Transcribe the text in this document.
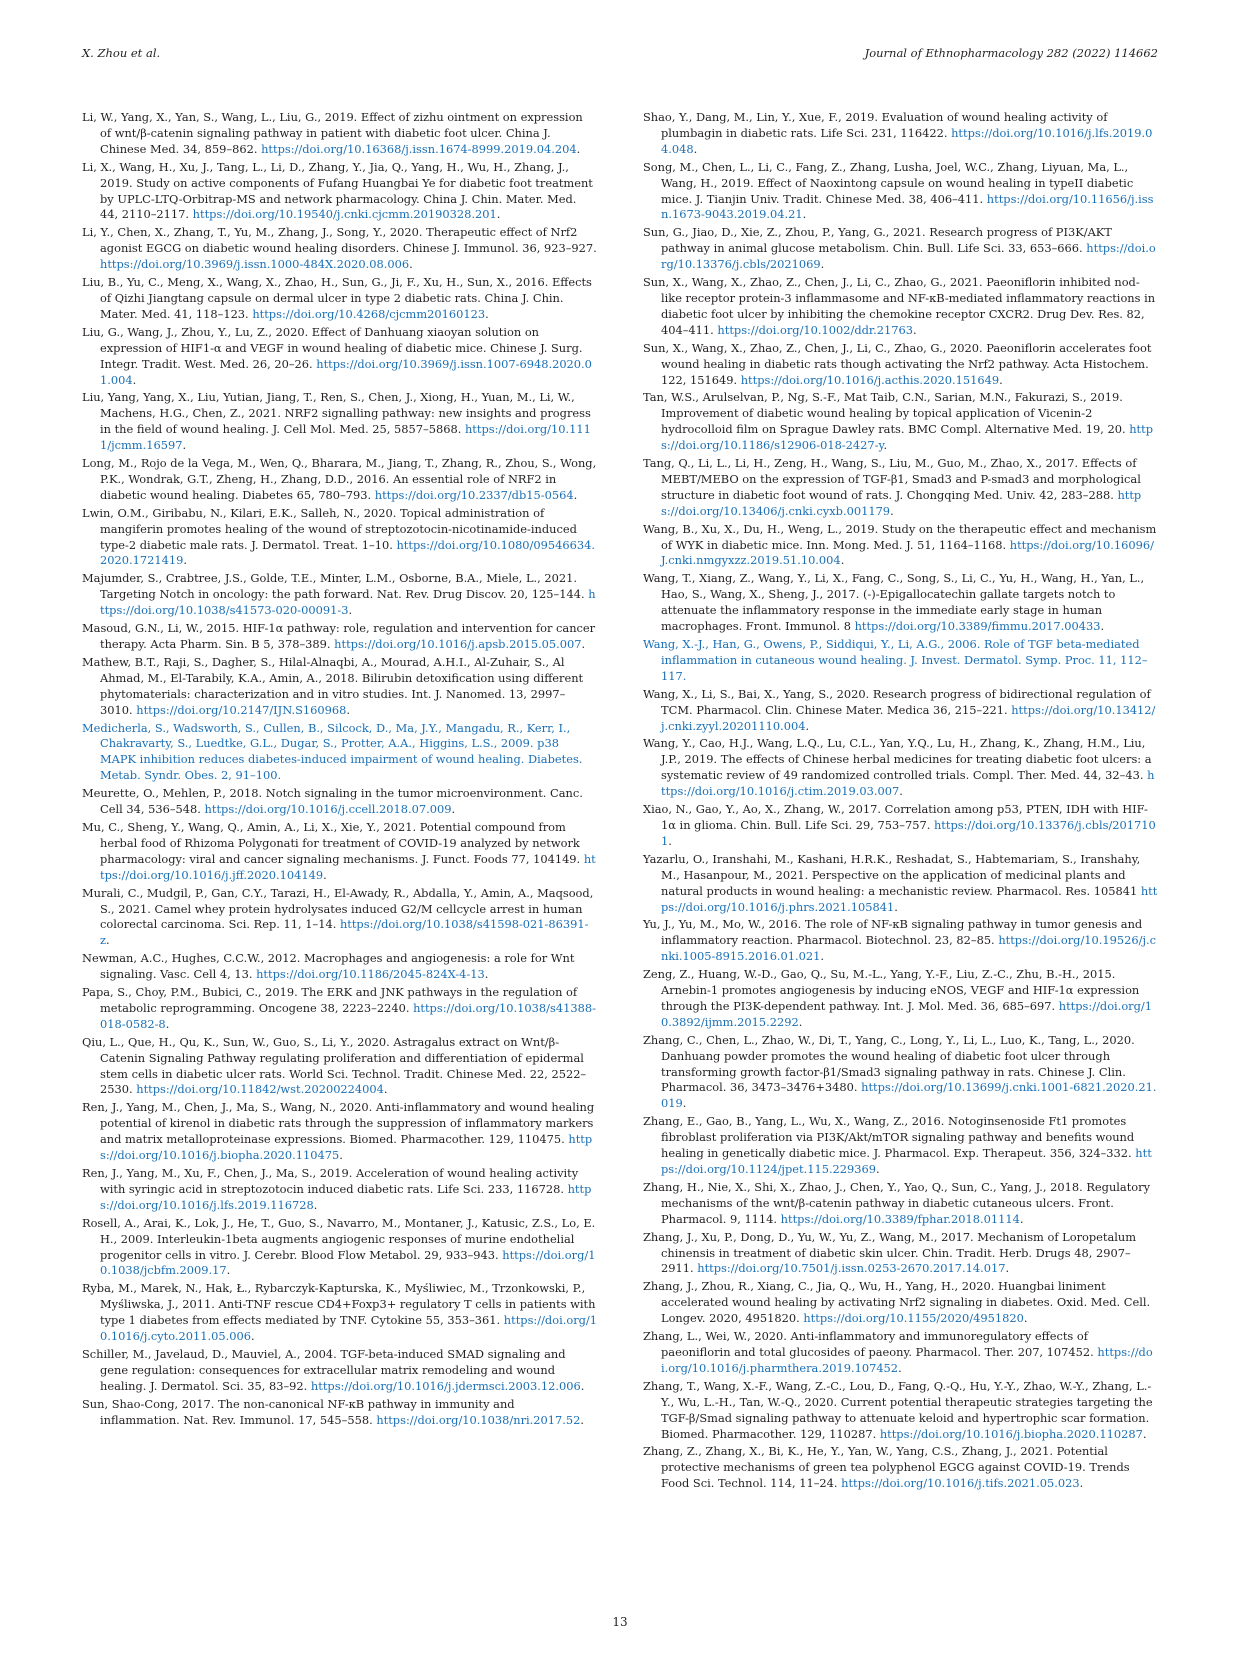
X. Zhou et al.	Journal of Ethnopharmacology 282 (2022) 114662

Li, W., Yang, X., Yan, S., Wang, L., Liu, G., 2019. Effect of zizhu ointment on expression of wnt/β-catenin signaling pathway in patient with diabetic foot ulcer. China J. Chinese Med. 34, 859–862. https://doi.org/10.16368/j.issn.1674-8999.2019.04.204.

Li, X., Wang, H., Xu, J., Tang, L., Li, D., Zhang, Y., Jia, Q., Yang, H., Wu, H., Zhang, J., 2019. Study on active components of Fufang Huangbai Ye for diabetic foot treatment by UPLC-LTQ-Orbitrap-MS and network pharmacology. China J. Chin. Mater. Med. 44, 2110–2117. https://doi.org/10.19540/j.cnki.cjcmm.20190328.201.

Li, Y., Chen, X., Zhang, T., Yu, M., Zhang, J., Song, Y., 2020. Therapeutic effect of Nrf2 agonist EGCG on diabetic wound healing disorders. Chinese J. Immunol. 36, 923–927. https://doi.org/10.3969/j.issn.1000-484X.2020.08.006.

Liu, B., Yu, C., Meng, X., Wang, X., Zhao, H., Sun, G., Ji, F., Xu, H., Sun, X., 2016. Effects of Qizhi Jiangtang capsule on dermal ulcer in type 2 diabetic rats. China J. Chin. Mater. Med. 41, 118–123. https://doi.org/10.4268/cjcmm20160123.

Liu, G., Wang, J., Zhou, Y., Lu, Z., 2020. Effect of Danhuang xiaoyan solution on expression of HIF1-α and VEGF in wound healing of diabetic mice. Chinese J. Surg. Integr. Tradit. West. Med. 26, 20–26. https://doi.org/10.3969/j.issn.1007-6948.2020.01.004.

Liu, Yang, Yang, X., Liu, Yutian, Jiang, T., Ren, S., Chen, J., Xiong, H., Yuan, M., Li, W., Machens, H.G., Chen, Z., 2021. NRF2 signalling pathway: new insights and progress in the field of wound healing. J. Cell Mol. Med. 25, 5857–5868. https://doi.org/10.1111/jcmm.16597.

Long, M., Rojo de la Vega, M., Wen, Q., Bharara, M., Jiang, T., Zhang, R., Zhou, S., Wong, P.K., Wondrak, G.T., Zheng, H., Zhang, D.D., 2016. An essential role of NRF2 in diabetic wound healing. Diabetes 65, 780–793. https://doi.org/10.2337/db15-0564.

Lwin, O.M., Giribabu, N., Kilari, E.K., Salleh, N., 2020. Topical administration of mangiferin promotes healing of the wound of streptozotocin-nicotinamide-induced type-2 diabetic male rats. J. Dermatol. Treat. 1–10. https://doi.org/10.1080/09546634.2020.1721419.

Majumder, S., Crabtree, J.S., Golde, T.E., Minter, L.M., Osborne, B.A., Miele, L., 2021. Targeting Notch in oncology: the path forward. Nat. Rev. Drug Discov. 20, 125–144. https://doi.org/10.1038/s41573-020-00091-3.

Masoud, G.N., Li, W., 2015. HIF-1α pathway: role, regulation and intervention for cancer therapy. Acta Pharm. Sin. B 5, 378–389. https://doi.org/10.1016/j.apsb.2015.05.007.

Mathew, B.T., Raji, S., Dagher, S., Hilal-Alnaqbi, A., Mourad, A.H.I., Al-Zuhair, S., Al Ahmad, M., El-Tarabily, K.A., Amin, A., 2018. Bilirubin detoxification using different phytomaterials: characterization and in vitro studies. Int. J. Nanomed. 13, 2997–3010. https://doi.org/10.2147/IJN.S160968.

Medicherla, S., Wadsworth, S., Cullen, B., Silcock, D., Ma, J.Y., Mangadu, R., Kerr, I., Chakravarty, S., Luedtke, G.L., Dugar, S., Protter, A.A., Higgins, L.S., 2009. p38 MAPK inhibition reduces diabetes-induced impairment of wound healing. Diabetes. Metab. Syndr. Obes. 2, 91–100.

Meurette, O., Mehlen, P., 2018. Notch signaling in the tumor microenvironment. Canc. Cell 34, 536–548. https://doi.org/10.1016/j.ccell.2018.07.009.

Mu, C., Sheng, Y., Wang, Q., Amin, A., Li, X., Xie, Y., 2021. Potential compound from herbal food of Rhizoma Polygonati for treatment of COVID-19 analyzed by network pharmacology: viral and cancer signaling mechanisms. J. Funct. Foods 77, 104149. https://doi.org/10.1016/j.jff.2020.104149.

Murali, C., Mudgil, P., Gan, C.Y., Tarazi, H., El-Awady, R., Abdalla, Y., Amin, A., Maqsood, S., 2021. Camel whey protein hydrolysates induced G2/M cellcycle arrest in human colorectal carcinoma. Sci. Rep. 11, 1–14. https://doi.org/10.1038/s41598-021-86391-z.

Newman, A.C., Hughes, C.C.W., 2012. Macrophages and angiogenesis: a role for Wnt signaling. Vasc. Cell 4, 13. https://doi.org/10.1186/2045-824X-4-13.

Papa, S., Choy, P.M., Bubici, C., 2019. The ERK and JNK pathways in the regulation of metabolic reprogramming. Oncogene 38, 2223–2240. https://doi.org/10.1038/s41388-018-0582-8.

Qiu, L., Que, H., Qu, K., Sun, W., Guo, S., Li, Y., 2020. Astragalus extract on Wnt/β-Catenin Signaling Pathway regulating proliferation and differentiation of epidermal stem cells in diabetic ulcer rats. World Sci. Technol. Tradit. Chinese Med. 22, 2522–2530. https://doi.org/10.11842/wst.20200224004.

Ren, J., Yang, M., Chen, J., Ma, S., Wang, N., 2020. Anti-inflammatory and wound healing potential of kirenol in diabetic rats through the suppression of inflammatory markers and matrix metalloproteinase expressions. Biomed. Pharmacother. 129, 110475. https://doi.org/10.1016/j.biopha.2020.110475.

Ren, J., Yang, M., Xu, F., Chen, J., Ma, S., 2019. Acceleration of wound healing activity with syringic acid in streptozotocin induced diabetic rats. Life Sci. 233, 116728. https://doi.org/10.1016/j.lfs.2019.116728.

Rosell, A., Arai, K., Lok, J., He, T., Guo, S., Navarro, M., Montaner, J., Katusic, Z.S., Lo, E. H., 2009. Interleukin-1beta augments angiogenic responses of murine endothelial progenitor cells in vitro. J. Cerebr. Blood Flow Metabol. 29, 933–943. https://doi.org/10.1038/jcbfm.2009.17.

Ryba, M., Marek, N., Hak, Ł., Rybarczyk-Kapturska, K., Myśliwiec, M., Trzonkowski, P., Myśliwska, J., 2011. Anti-TNF rescue CD4+Foxp3+ regulatory T cells in patients with type 1 diabetes from effects mediated by TNF. Cytokine 55, 353–361. https://doi.org/10.1016/j.cyto.2011.05.006.

Schiller, M., Javelaud, D., Mauviel, A., 2004. TGF-beta-induced SMAD signaling and gene regulation: consequences for extracellular matrix remodeling and wound healing. J. Dermatol. Sci. 35, 83–92. https://doi.org/10.1016/j.jdermsci.2003.12.006.

Sun, Shao-Cong, 2017. The non-canonical NF-κB pathway in immunity and inflammation. Nat. Rev. Immunol. 17, 545–558. https://doi.org/10.1038/nri.2017.52.

Shao, Y., Dang, M., Lin, Y., Xue, F., 2019. Evaluation of wound healing activity of plumbagin in diabetic rats. Life Sci. 231, 116422. https://doi.org/10.1016/j.lfs.2019.04.048.

Song, M., Chen, L., Li, C., Fang, Z., Zhang, Lusha, Joel, W.C., Zhang, Liyuan, Ma, L., Wang, H., 2019. Effect of Naoxintong capsule on wound healing in typeII diabetic mice. J. Tianjin Univ. Tradit. Chinese Med. 38, 406–411. https://doi.org/10.11656/j.issn.1673-9043.2019.04.21.

Sun, G., Jiao, D., Xie, Z., Zhou, P., Yang, G., 2021. Research progress of PI3K/AKT pathway in animal glucose metabolism. Chin. Bull. Life Sci. 33, 653–666. https://doi.org/10.13376/j.cbls/2021069.

Sun, X., Wang, X., Zhao, Z., Chen, J., Li, C., Zhao, G., 2021. Paeoniflorin inhibited nod-like receptor protein-3 inflammasome and NF-κB-mediated inflammatory reactions in diabetic foot ulcer by inhibiting the chemokine receptor CXCR2. Drug Dev. Res. 82, 404–411. https://doi.org/10.1002/ddr.21763.

Sun, X., Wang, X., Zhao, Z., Chen, J., Li, C., Zhao, G., 2020. Paeoniflorin accelerates foot wound healing in diabetic rats though activating the Nrf2 pathway. Acta Histochem. 122, 151649. https://doi.org/10.1016/j.acthis.2020.151649.

Tan, W.S., Arulselvan, P., Ng, S.-F., Mat Taib, C.N., Sarian, M.N., Fakurazi, S., 2019. Improvement of diabetic wound healing by topical application of Vicenin-2 hydrocolloid film on Sprague Dawley rats. BMC Compl. Alternative Med. 19, 20. https://doi.org/10.1186/s12906-018-2427-y.

Tang, Q., Li, L., Li, H., Zeng, H., Wang, S., Liu, M., Guo, M., Zhao, X., 2017. Effects of MEBT/MEBO on the expression of TGF-β1, Smad3 and P-smad3 and morphological structure in diabetic foot wound of rats. J. Chongqing Med. Univ. 42, 283–288. https://doi.org/10.13406/j.cnki.cyxb.001179.

Wang, B., Xu, X., Du, H., Weng, L., 2019. Study on the therapeutic effect and mechanism of WYK in diabetic mice. Inn. Mong. Med. J. 51, 1164–1168. https://doi.org/10.16096/J.cnki.nmgyxzz.2019.51.10.004.

Wang, T., Xiang, Z., Wang, Y., Li, X., Fang, C., Song, S., Li, C., Yu, H., Wang, H., Yan, L., Hao, S., Wang, X., Sheng, J., 2017. (-)-Epigallocatechin gallate targets notch to attenuate the inflammatory response in the immediate early stage in human macrophages. Front. Immunol. 8 https://doi.org/10.3389/fimmu.2017.00433.

Wang, X.-J., Han, G., Owens, P., Siddiqui, Y., Li, A.G., 2006. Role of TGF beta-mediated inflammation in cutaneous wound healing. J. Invest. Dermatol. Symp. Proc. 11, 112–117.

Wang, X., Li, S., Bai, X., Yang, S., 2020. Research progress of bidirectional regulation of TCM. Pharmacol. Clin. Chinese Mater. Medica 36, 215–221. https://doi.org/10.13412/j.cnki.zyyl.20201110.004.

Wang, Y., Cao, H.J., Wang, L.Q., Lu, C.L., Yan, Y.Q., Lu, H., Zhang, K., Zhang, H.M., Liu, J.P., 2019. The effects of Chinese herbal medicines for treating diabetic foot ulcers: a systematic review of 49 randomized controlled trials. Compl. Ther. Med. 44, 32–43. https://doi.org/10.1016/j.ctim.2019.03.007.

Xiao, N., Gao, Y., Ao, X., Zhang, W., 2017. Correlation among p53, PTEN, IDH with HIF-1α in glioma. Chin. Bull. Life Sci. 29, 753–757. https://doi.org/10.13376/j.cbls/2017101.

Yazarlu, O., Iranshahi, M., Kashani, H.R.K., Reshadat, S., Habtemariam, S., Iranshahy, M., Hasanpour, M., 2021. Perspective on the application of medicinal plants and natural products in wound healing: a mechanistic review. Pharmacol. Res. 105841 https://doi.org/10.1016/j.phrs.2021.105841.

Yu, J., Yu, M., Mo, W., 2016. The role of NF-κB signaling pathway in tumor genesis and inflammatory reaction. Pharmacol. Biotechnol. 23, 82–85. https://doi.org/10.19526/j.cnki.1005-8915.2016.01.021.

Zeng, Z., Huang, W.-D., Gao, Q., Su, M.-L., Yang, Y.-F., Liu, Z.-C., Zhu, B.-H., 2015. Arnebin-1 promotes angiogenesis by inducing eNOS, VEGF and HIF-1α expression through the PI3K-dependent pathway. Int. J. Mol. Med. 36, 685–697. https://doi.org/10.3892/ijmm.2015.2292.

Zhang, C., Chen, L., Zhao, W., Di, T., Yang, C., Long, Y., Li, L., Luo, K., Tang, L., 2020. Danhuang powder promotes the wound healing of diabetic foot ulcer through transforming growth factor-β1/Smad3 signaling pathway in rats. Chinese J. Clin. Pharmacol. 36, 3473–3476+3480. https://doi.org/10.13699/j.cnki.1001-6821.2020.21.019.

Zhang, E., Gao, B., Yang, L., Wu, X., Wang, Z., 2016. Notoginsenoside Ft1 promotes fibroblast proliferation via PI3K/Akt/mTOR signaling pathway and benefits wound healing in genetically diabetic mice. J. Pharmacol. Exp. Therapeut. 356, 324–332. https://doi.org/10.1124/jpet.115.229369.

Zhang, H., Nie, X., Shi, X., Zhao, J., Chen, Y., Yao, Q., Sun, C., Yang, J., 2018. Regulatory mechanisms of the wnt/β-catenin pathway in diabetic cutaneous ulcers. Front. Pharmacol. 9, 1114. https://doi.org/10.3389/fphar.2018.01114.

Zhang, J., Xu, P., Dong, D., Yu, W., Yu, Z., Wang, M., 2017. Mechanism of Loropetalum chinensis in treatment of diabetic skin ulcer. Chin. Tradit. Herb. Drugs 48, 2907–2911. https://doi.org/10.7501/j.issn.0253-2670.2017.14.017.

Zhang, J., Zhou, R., Xiang, C., Jia, Q., Wu, H., Yang, H., 2020. Huangbai liniment accelerated wound healing by activating Nrf2 signaling in diabetes. Oxid. Med. Cell. Longev. 2020, 4951820. https://doi.org/10.1155/2020/4951820.

Zhang, L., Wei, W., 2020. Anti-inflammatory and immunoregulatory effects of paeoniflorin and total glucosides of paeony. Pharmacol. Ther. 207, 107452. https://doi.org/10.1016/j.pharmthera.2019.107452.

Zhang, T., Wang, X.-F., Wang, Z.-C., Lou, D., Fang, Q.-Q., Hu, Y.-Y., Zhao, W.-Y., Zhang, L.-Y., Wu, L.-H., Tan, W.-Q., 2020. Current potential therapeutic strategies targeting the TGF-β/Smad signaling pathway to attenuate keloid and hypertrophic scar formation. Biomed. Pharmacother. 129, 110287. https://doi.org/10.1016/j.biopha.2020.110287.

Zhang, Z., Zhang, X., Bi, K., He, Y., Yan, W., Yang, C.S., Zhang, J., 2021. Potential protective mechanisms of green tea polyphenol EGCG against COVID-19. Trends Food Sci. Technol. 114, 11–24. https://doi.org/10.1016/j.tifs.2021.05.023.

13
